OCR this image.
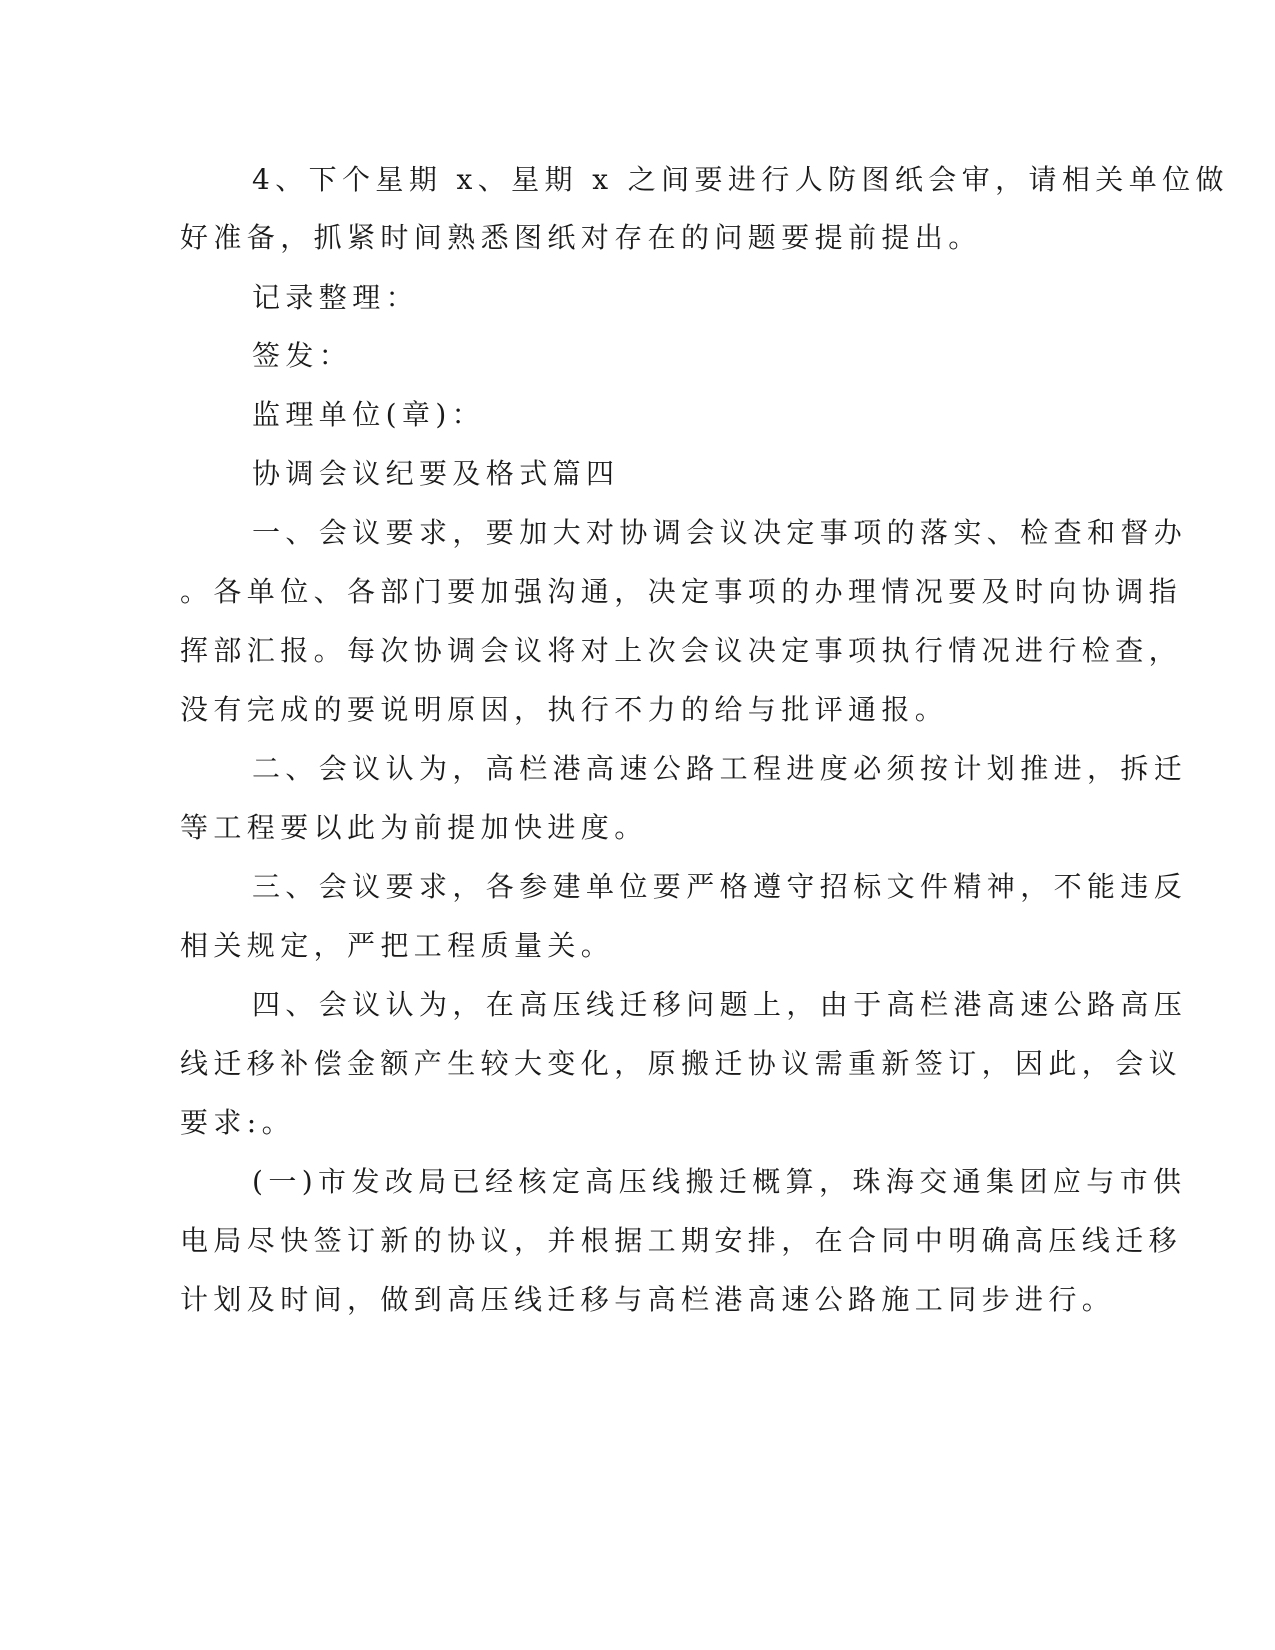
4、下个星期 x、星期 x 之间要进行人防图纸会审，请相关单位做

好准备，抓紧时间熟悉图纸对存在的问题要提前提出。

记录整理：

签发：

监理单位(章)：

协调会议纪要及格式篇四

一、会议要求，要加大对协调会议决定事项的落实、检查和督办

。各单位、各部门要加强沟通，决定事项的办理情况要及时向协调指

挥部汇报。每次协调会议将对上次会议决定事项执行情况进行检查，

没有完成的要说明原因，执行不力的给与批评通报。

二、会议认为，高栏港高速公路工程进度必须按计划推进，拆迁

等工程要以此为前提加快进度。

三、会议要求，各参建单位要严格遵守招标文件精神，不能违反

相关规定，严把工程质量关。

四、会议认为，在高压线迁移问题上，由于高栏港高速公路高压

线迁移补偿金额产生较大变化，原搬迁协议需重新签订，因此，会议

要求:。

(一)市发改局已经核定高压线搬迁概算，珠海交通集团应与市供

电局尽快签订新的协议，并根据工期安排，在合同中明确高压线迁移

计划及时间，做到高压线迁移与高栏港高速公路施工同步进行。
